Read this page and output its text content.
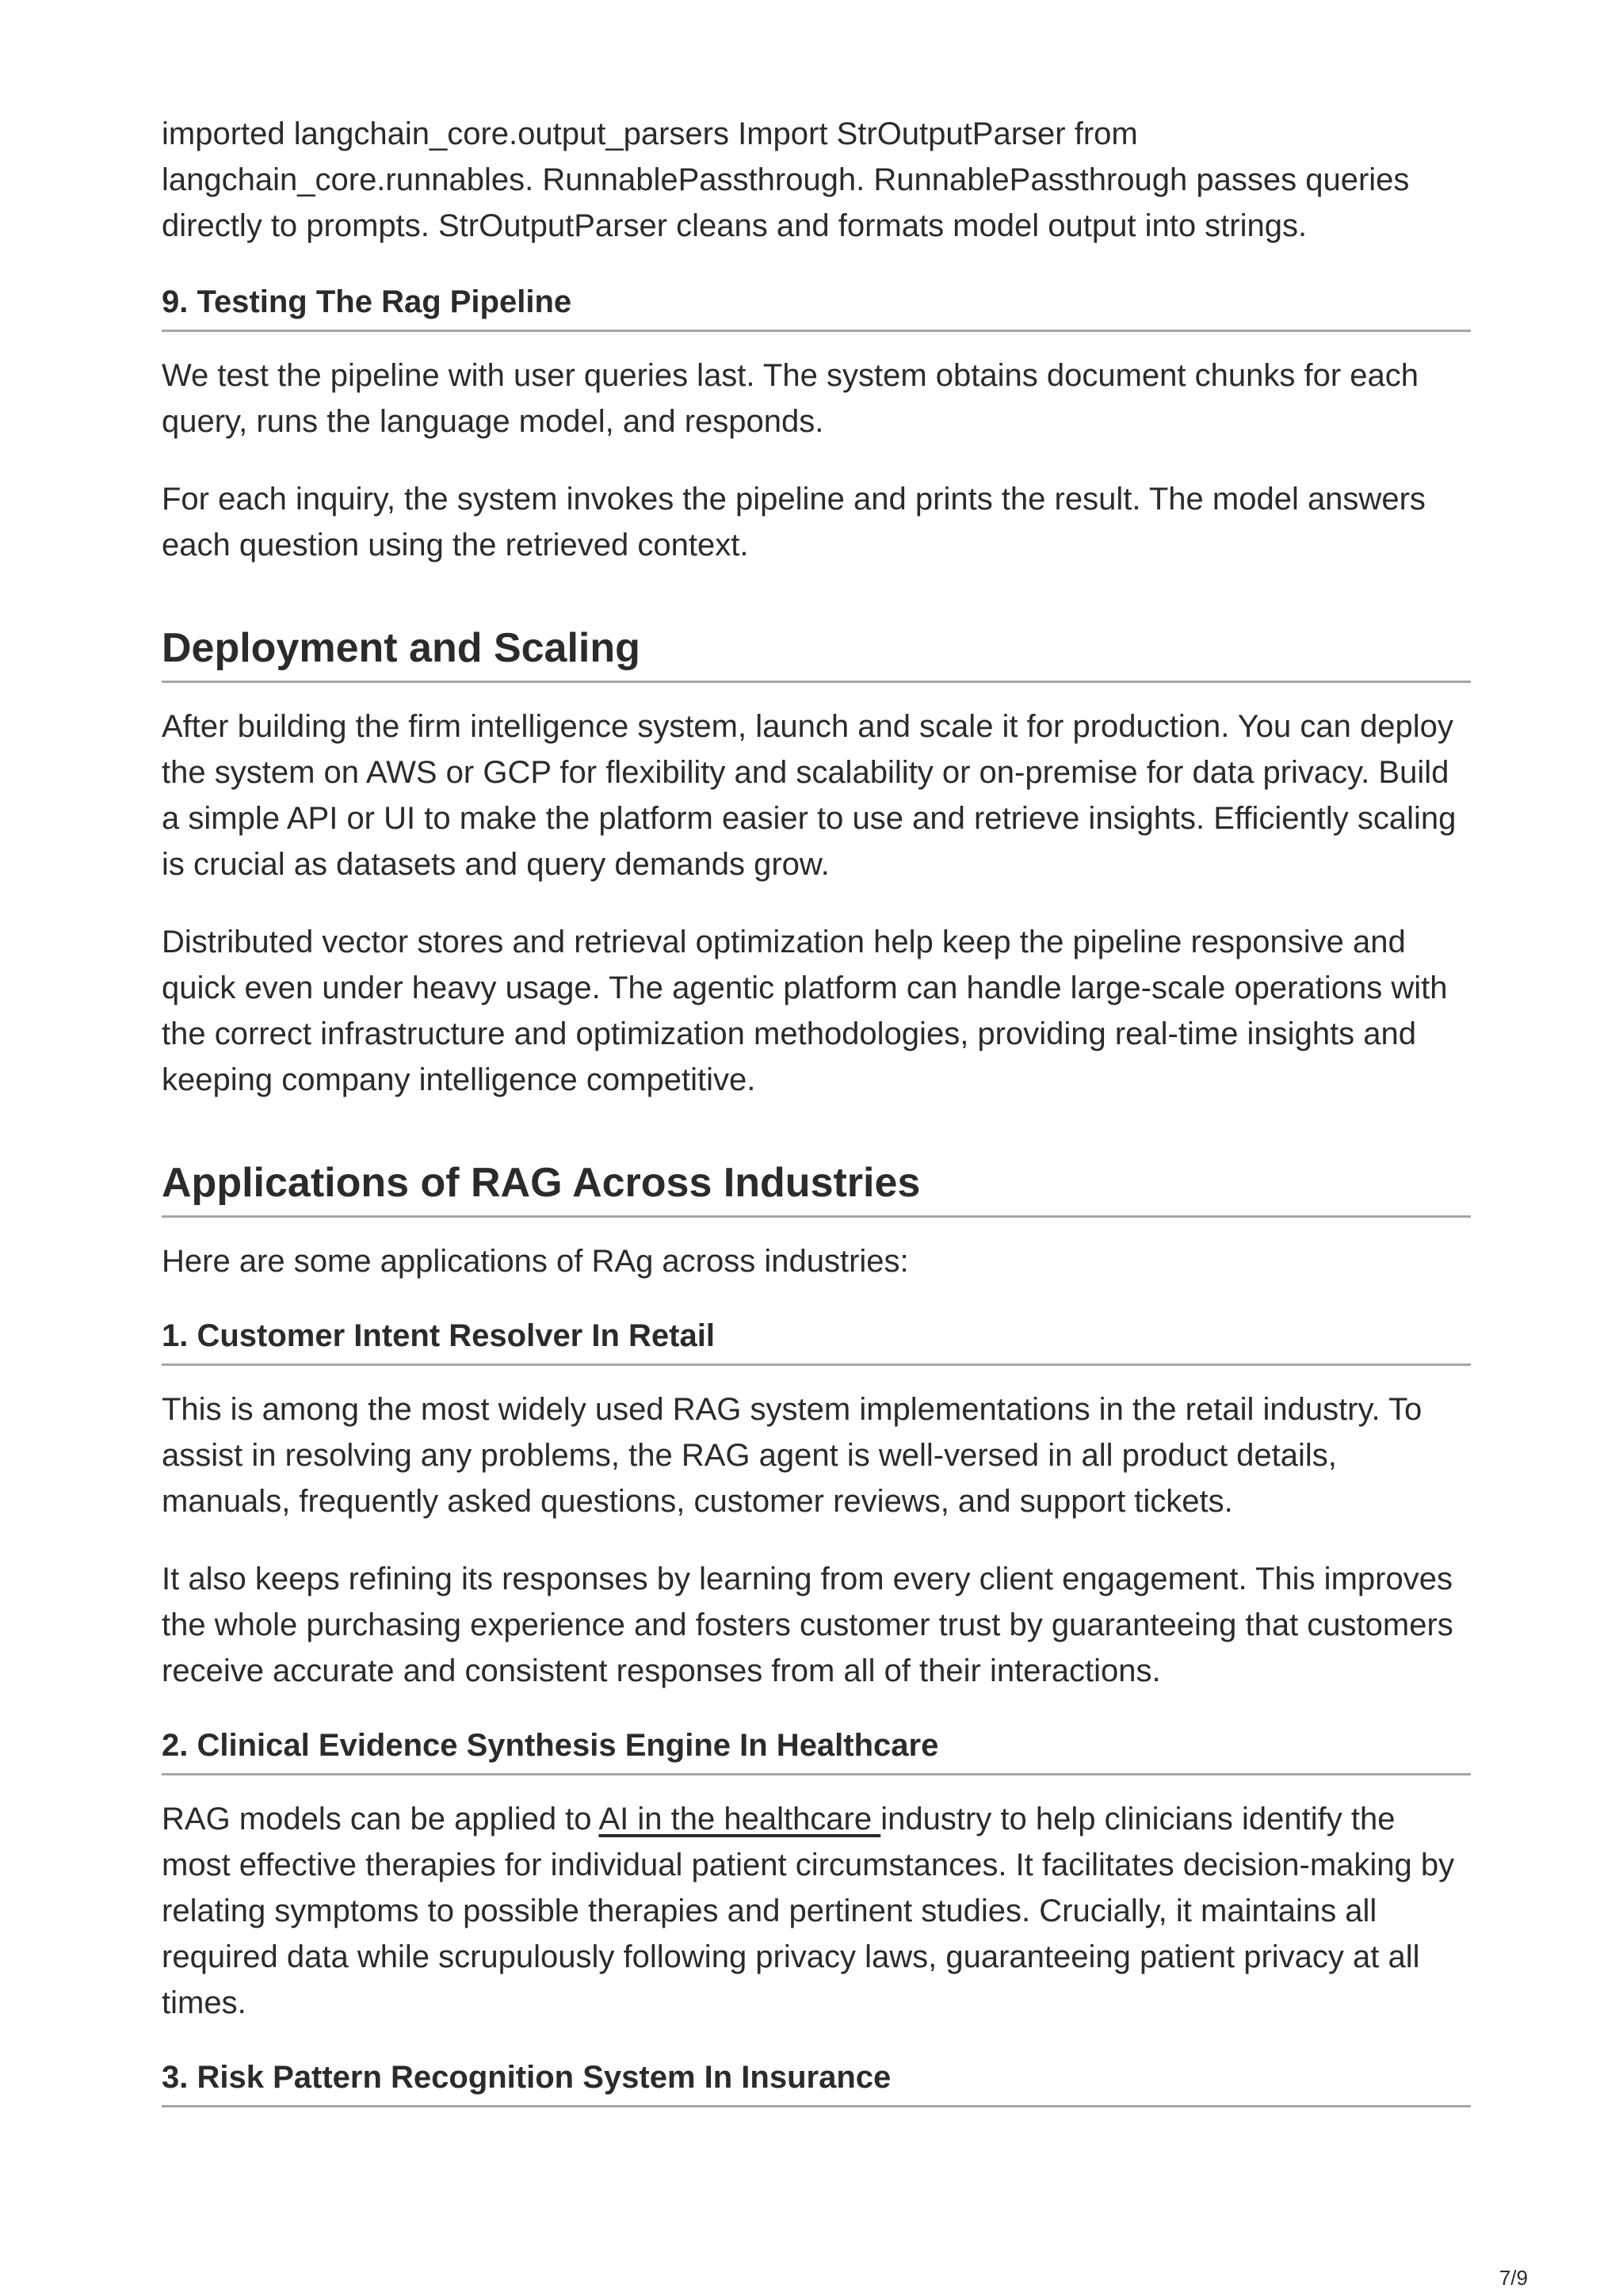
imported langchain_core.output_parsers Import StrOutputParser from langchain_core.runnables. RunnablePassthrough. RunnablePassthrough passes queries directly to prompts. StrOutputParser cleans and formats model output into strings.

9. Testing The Rag Pipeline

We test the pipeline with user queries last. The system obtains document chunks for each query, runs the language model, and responds.

For each inquiry, the system invokes the pipeline and prints the result. The model answers each question using the retrieved context.

Deployment and Scaling

After building the firm intelligence system, launch and scale it for production. You can deploy the system on AWS or GCP for flexibility and scalability or on-premise for data privacy. Build a simple API or UI to make the platform easier to use and retrieve insights. Efficiently scaling is crucial as datasets and query demands grow.

Distributed vector stores and retrieval optimization help keep the pipeline responsive and quick even under heavy usage. The agentic platform can handle large-scale operations with the correct infrastructure and optimization methodologies, providing real-time insights and keeping company intelligence competitive.

Applications of RAG Across Industries

Here are some applications of RAg across industries:

1. Customer Intent Resolver In Retail

This is among the most widely used RAG system implementations in the retail industry. To assist in resolving any problems, the RAG agent is well-versed in all product details, manuals, frequently asked questions, customer reviews, and support tickets.

It also keeps refining its responses by learning from every client engagement. This improves the whole purchasing experience and fosters customer trust by guaranteeing that customers receive accurate and consistent responses from all of their interactions.

2. Clinical Evidence Synthesis Engine In Healthcare

RAG models can be applied to AI in the healthcare industry to help clinicians identify the most effective therapies for individual patient circumstances. It facilitates decision-making by relating symptoms to possible therapies and pertinent studies. Crucially, it maintains all required data while scrupulously following privacy laws, guaranteeing patient privacy at all times.

3. Risk Pattern Recognition System In Insurance
7/9
